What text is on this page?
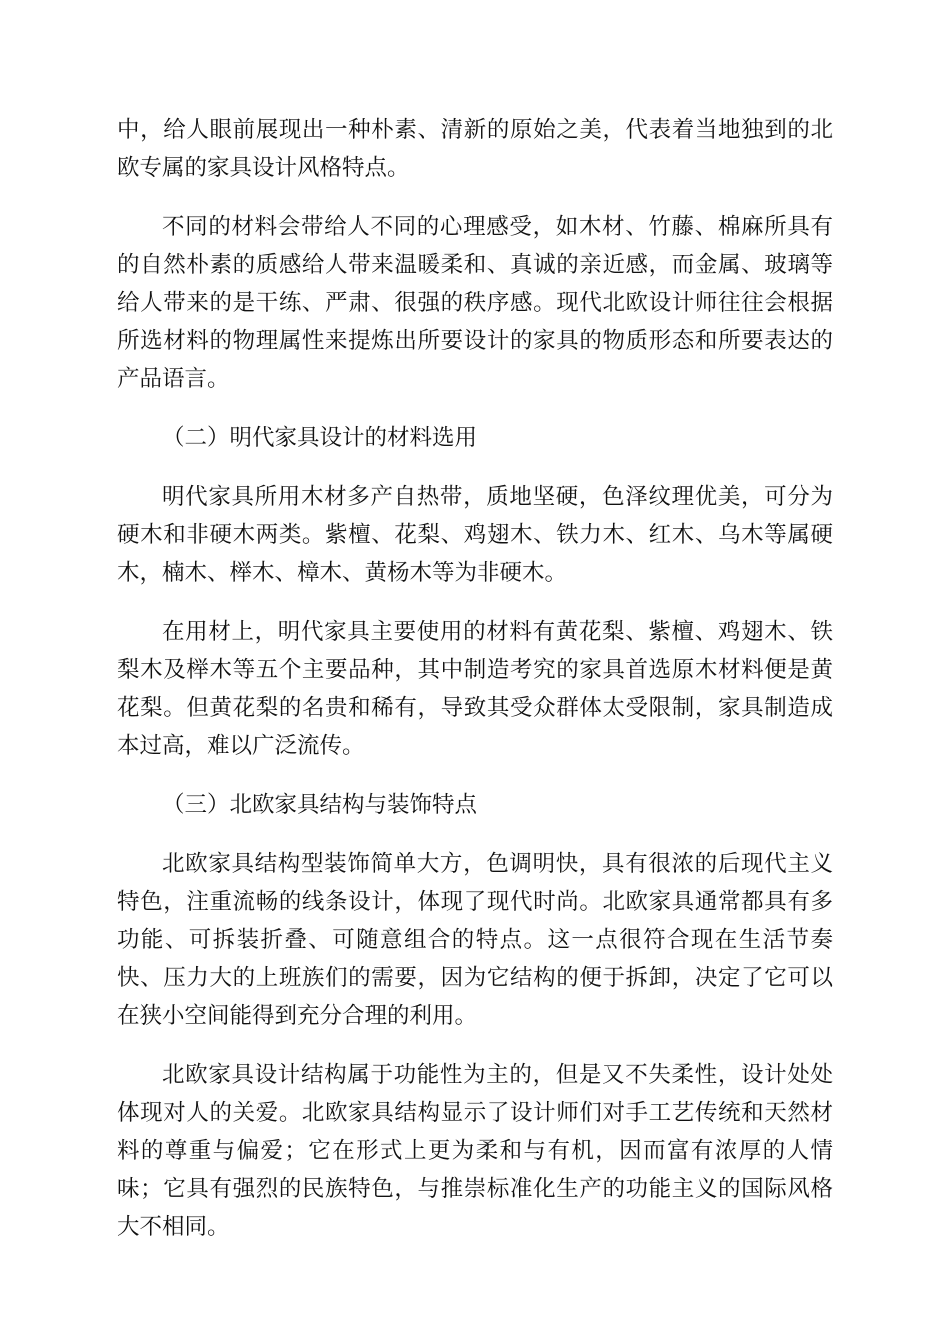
中，给人眼前展现出一种朴素、清新的原始之美，代表着当地独到的北欧专属的家具设计风格特点。

不同的材料会带给人不同的心理感受，如木材、竹藤、棉麻所具有的自然朴素的质感给人带来温暖柔和、真诚的亲近感，而金属、玻璃等给人带来的是干练、严肃、很强的秩序感。现代北欧设计师往往会根据所选材料的物理属性来提炼出所要设计的家具的物质形态和所要表达的产品语言。

（二）明代家具设计的材料选用

明代家具所用木材多产自热带，质地坚硬，色泽纹理优美，可分为硬木和非硬木两类。紫檀、花梨、鸡翅木、铁力木、红木、乌木等属硬木，楠木、榉木、樟木、黄杨木等为非硬木。

在用材上，明代家具主要使用的材料有黄花梨、紫檀、鸡翅木、铁梨木及榉木等五个主要品种，其中制造考究的家具首选原木材料便是黄花梨。但黄花梨的名贵和稀有，导致其受众群体太受限制，家具制造成本过高，难以广泛流传。

（三）北欧家具结构与装饰特点

北欧家具结构型装饰简单大方，色调明快，具有很浓的后现代主义特色，注重流畅的线条设计，体现了现代时尚。北欧家具通常都具有多功能、可拆装折叠、可随意组合的特点。这一点很符合现在生活节奏快、压力大的上班族们的需要，因为它结构的便于拆卸，决定了它可以在狭小空间能得到充分合理的利用。

北欧家具设计结构属于功能性为主的，但是又不失柔性，设计处处体现对人的关爱。北欧家具结构显示了设计师们对手工艺传统和天然材料的尊重与偏爱；它在形式上更为柔和与有机，因而富有浓厚的人情味；它具有强烈的民族特色，与推崇标准化生产的功能主义的国际风格大不相同。
